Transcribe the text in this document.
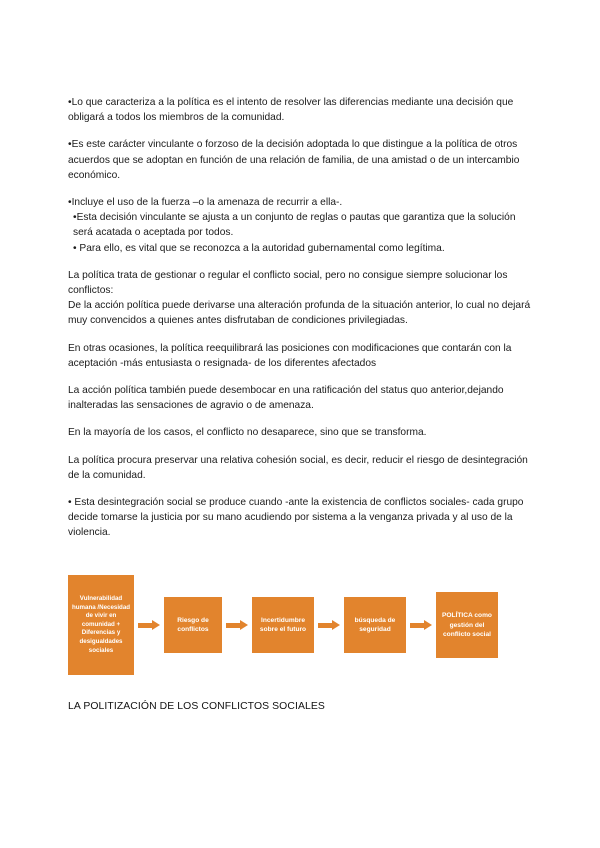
•Lo que caracteriza a la política es el intento de resolver las diferencias mediante una decisión que obligará a todos los miembros de la comunidad.

•Es este carácter vinculante o forzoso de la decisión adoptada lo que distingue a la política de otros acuerdos que se adoptan en función de una relación de familia, de una amistad o de un intercambio económico.

•Incluye el uso de la fuerza –o la amenaza de recurrir a ella-.

•Esta decisión vinculante se ajusta a un conjunto de reglas o pautas que garantiza que la solución será acatada o aceptada por todos.

• Para ello, es vital que se reconozca a la autoridad gubernamental como legítima.

La política trata de gestionar o regular el conflicto social, pero no consigue siempre solucionar los conflictos:

De la acción política puede derivarse una alteración profunda de la situación anterior, lo cual no dejará muy convencidos a quienes antes disfrutaban de condiciones privilegiadas.

En otras ocasiones, la política reequilibrará las posiciones con modificaciones que contarán con la aceptación -más entusiasta o resignada- de los diferentes afectados

La acción política también puede desembocar en una ratificación del status quo anterior,dejando inalteradas las sensaciones de agravio o de amenaza.

En la mayoría de los casos, el conflicto no desaparece, sino que se transforma.

La política procura preservar una relativa cohesión social, es decir, reducir el riesgo de desintegración de la comunidad.

• Esta desintegración social se produce cuando -ante la existencia de conflictos sociales- cada grupo decide tomarse la justicia por su mano acudiendo por sistema a la venganza privada y al uso de la violencia.

Vulnerabilidad humana /Necesidad de vivir en comunidad + Diferencias y desigualdades sociales
Riesgo de conflictos
Incertidumbre sobre el futuro
búsqueda de seguridad
POLÍTICA como gestión del conflicto social
LA POLITIZACIÓN DE LOS CONFLICTOS SOCIALES
